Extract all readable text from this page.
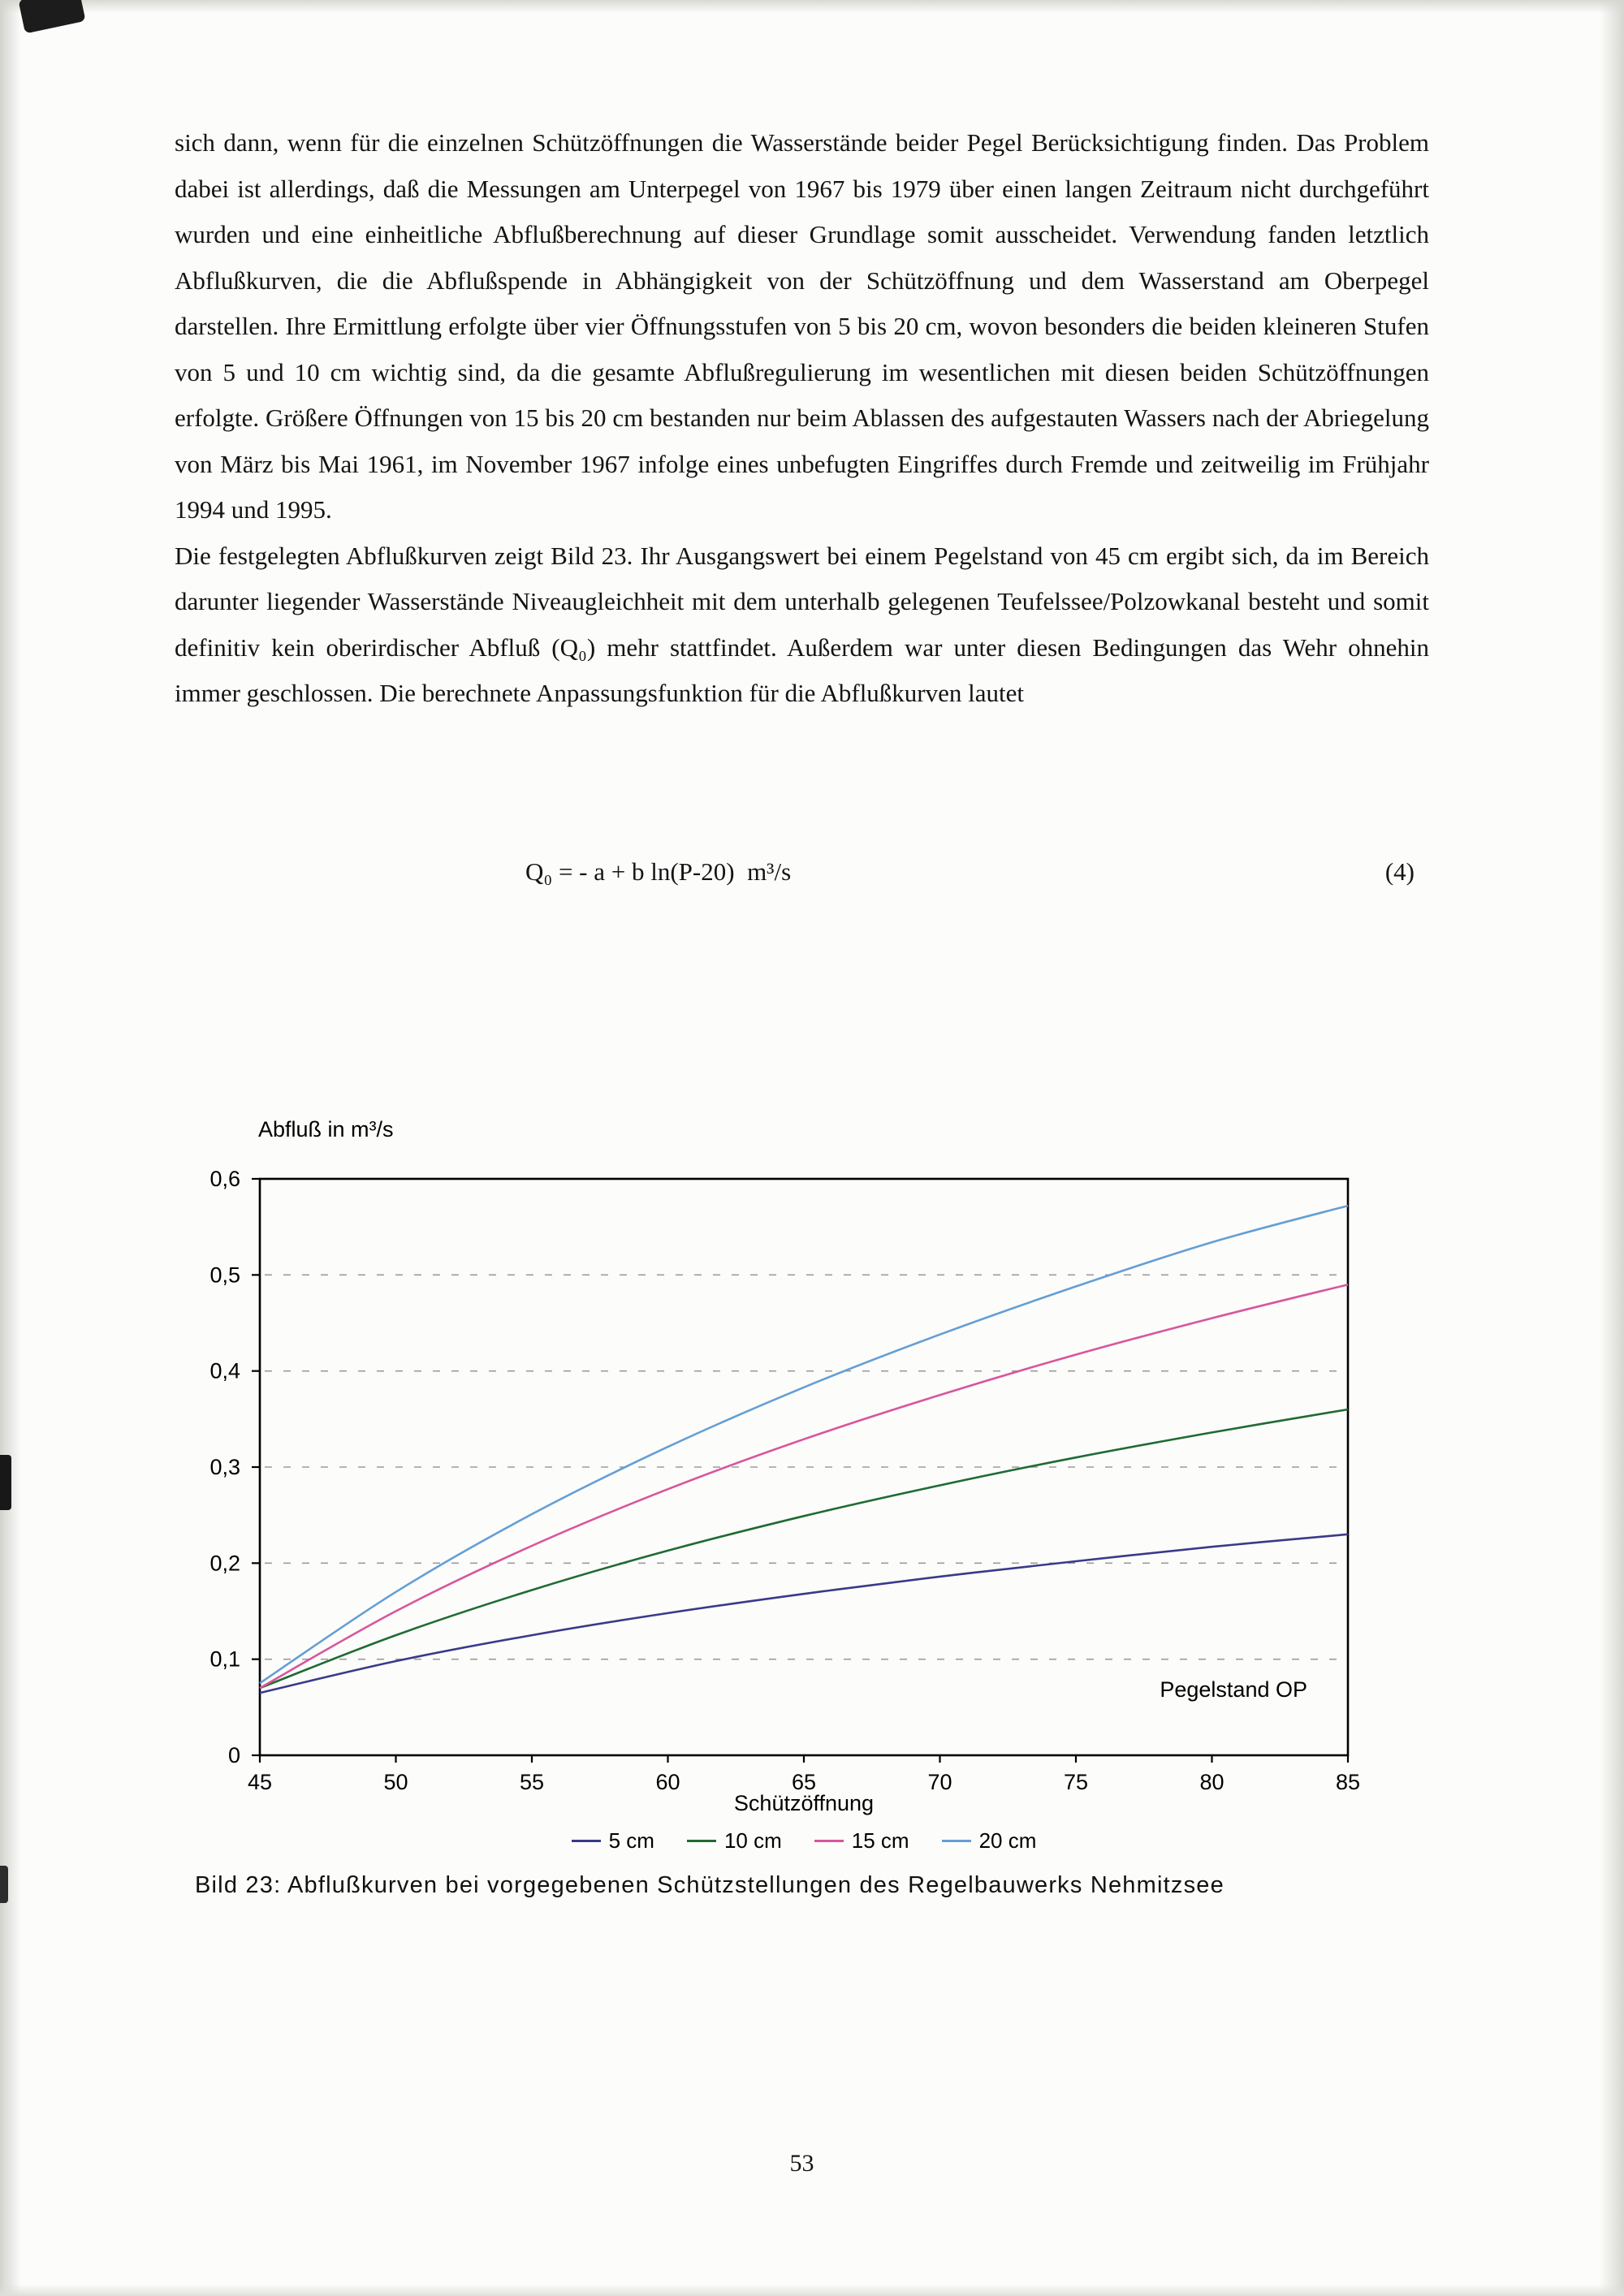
sich dann, wenn für die einzelnen Schützöffnungen die Wasserstände beider Pegel Berücksichtigung finden. Das Problem dabei ist allerdings, daß die Messungen am Unterpegel von 1967 bis 1979 über einen langen Zeitraum nicht durchgeführt wurden und eine einheitliche Abflußberechnung auf dieser Grundlage somit ausscheidet. Verwendung fanden letztlich Abflußkurven, die die Abflußspende in Abhängigkeit von der Schützöffnung und dem Wasserstand am Oberpegel darstellen. Ihre Ermittlung erfolgte über vier Öffnungsstufen von 5 bis 20 cm, wovon besonders die beiden kleineren Stufen von 5 und 10 cm wichtig sind, da die gesamte Abflußregulierung im wesentlichen mit diesen beiden Schützöffnungen erfolgte. Größere Öffnungen von 15 bis 20 cm bestanden nur beim Ablassen des aufgestauten Wassers nach der Abriegelung von März bis Mai 1961, im November 1967 infolge eines unbefugten Eingriffes durch Fremde und zeitweilig im Frühjahr 1994 und 1995.

Die festgelegten Abflußkurven zeigt Bild 23. Ihr Ausgangswert bei einem Pegelstand von 45 cm ergibt sich, da im Bereich darunter liegender Wasserstände Niveaugleichheit mit dem unterhalb gelegenen Teufelssee/Polzowkanal besteht und somit definitiv kein oberirdischer Abfluß (Q₀) mehr stattfindet. Außerdem war unter diesen Bedingungen das Wehr ohnehin immer geschlossen. Die berechnete Anpassungsfunktion für die Abflußkurven lautet

Q₀ = - a + b ln(P-20)  m³/s	(4)
Abfluß in m³/s
0
0,1
0,2
0,3
0,4
0,5
0,6
45	50	55	60	65	70	75	80	85
Pegelstand OP
Schützöffnung
5 cm	10 cm	15 cm	20 cm
Bild 23: Abflußkurven bei vorgegebenen Schützstellungen des Regelbauwerks Nehmitzsee
53
